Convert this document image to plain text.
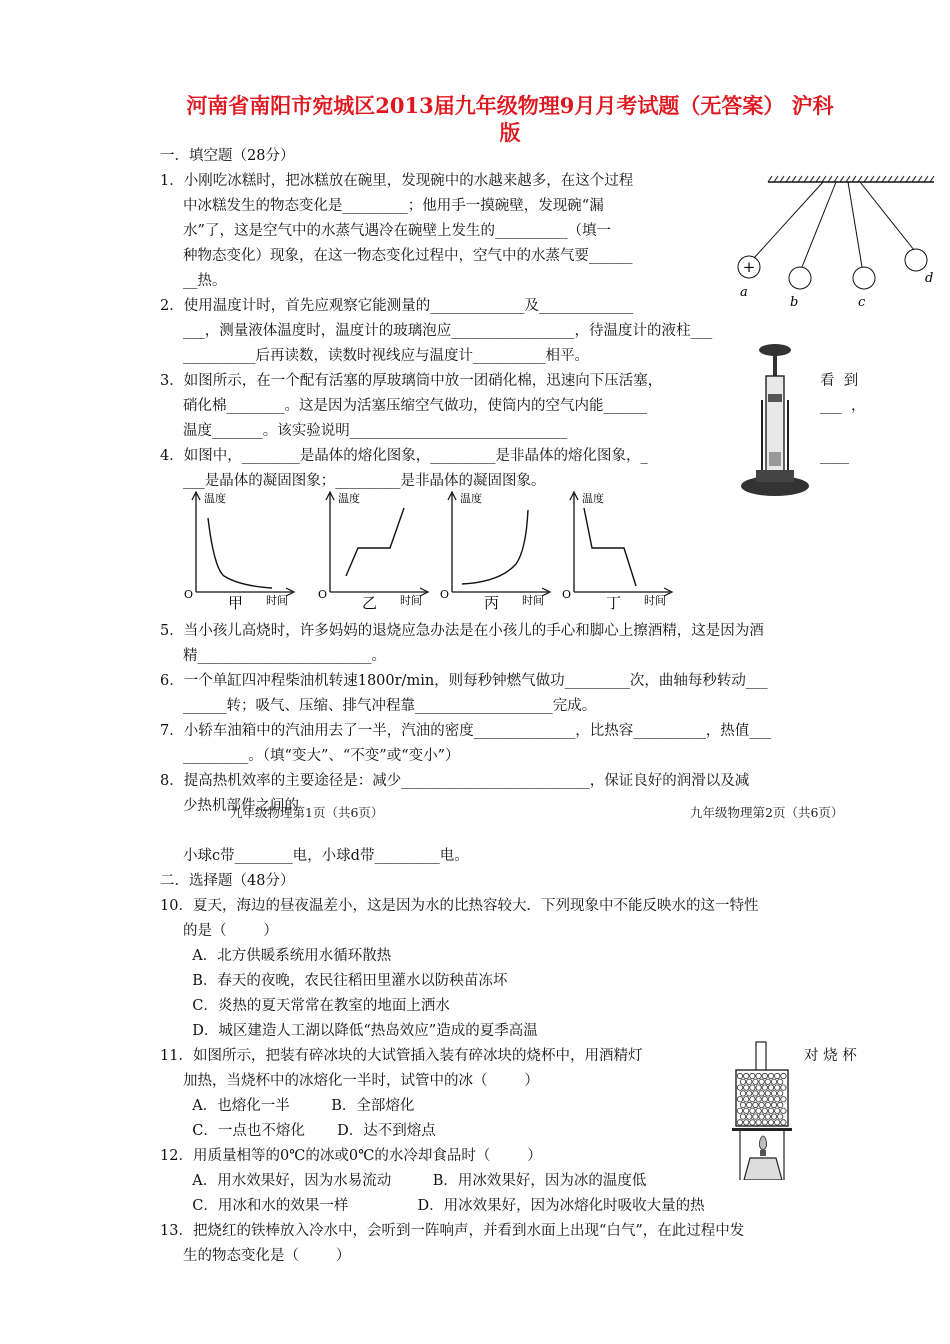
河南省南阳市宛城区2013届九年级物理9月月考试题（无答案） 沪科
版
一．填空题（28分）
1．小刚吃冰糕时，把冰糕放在碗里，发现碗中的水越来越多，在这个过程
中冰糕发生的物态变化是_________；他用手一摸碗壁，发现碗“漏
水”了，这是空气中的水蒸气遇冷在碗壁上发生的__________（填一
种物态变化）现象，在这一物态变化过程中，空气中的水蒸气要______
__热。
2．使用温度计时，首先应观察它能测量的_____________及_____________
___，测量液体温度时，温度计的玻璃泡应_________________，待温度计的液柱___
__________后再读数，读数时视线应与温度计__________相平。
3．如图所示，在一个配有活塞的厚玻璃筒中放一团硝化棉，迅速向下压活塞，	看  到
硝化棉________。这是因为活塞压缩空气做功，使筒内的空气内能______	___  ，
温度_______。该实验说明______________________________
4．如图中，________是晶体的熔化图象，_________是非晶体的熔化图象，_	____
___是晶体的凝固图象；_________是非晶体的凝固图象。
5．当小孩儿高烧时，许多妈妈的退烧应急办法是在小孩儿的手心和脚心上擦酒精，这是因为酒
精________________________。
6．一个单缸四冲程柴油机转速1800r/min，则每秒钟燃气做功_________次，曲轴每秒转动___
______转；吸气、压缩、排气冲程靠___________________完成。
7．小轿车油箱中的汽油用去了一半，汽油的密度______________，比热容__________，热值___
_________。（填“变大”、“不变”或“变小”）
8．提高热机效率的主要途径是：减少__________________________，保证良好的润滑以及减
少热机部件之间的
小球c带________电，小球d带_________电。
二．选择题（48分）
10．夏天，海边的昼夜温差小，这是因为水的比热容较大．下列现象中不能反映水的这一特性
的是（        ）
A．北方供暖系统用水循环散热
B．春天的夜晚，农民往稻田里灌水以防秧苗冻坏
C．炎热的夏天常常在教室的地面上洒水
D．城区建造人工湖以降低“热岛效应”造成的夏季高温
11．如图所示，把装有碎冰块的大试管插入装有碎冰块的烧杯中，用酒精灯	对 烧 杯
加热，当烧杯中的冰熔化一半时，试管中的冰（        ）
A．也熔化一半         B．全部熔化
C．一点也不熔化       D．达不到熔点
12．用质量相等的0℃的冰或0℃的水冷却食品时（        ）
A．用水效果好，因为水易流动         B．用冰效果好，因为冰的温度低
C．用冰和水的效果一样               D．用冰效果好，因为冰熔化时吸收大量的热
13．把烧红的铁棒放入冷水中，会听到一阵响声，并看到水面上出现“白气”，在此过程中发
生的物态变化是（        ）
+
a
b	c
d
温度
时间
O 甲
温度
时间
O 乙
温度
时间
O 丙
温度
时间
O 丁
九年级物理第1页（共6页）	九年级物理第2页（共6页）
